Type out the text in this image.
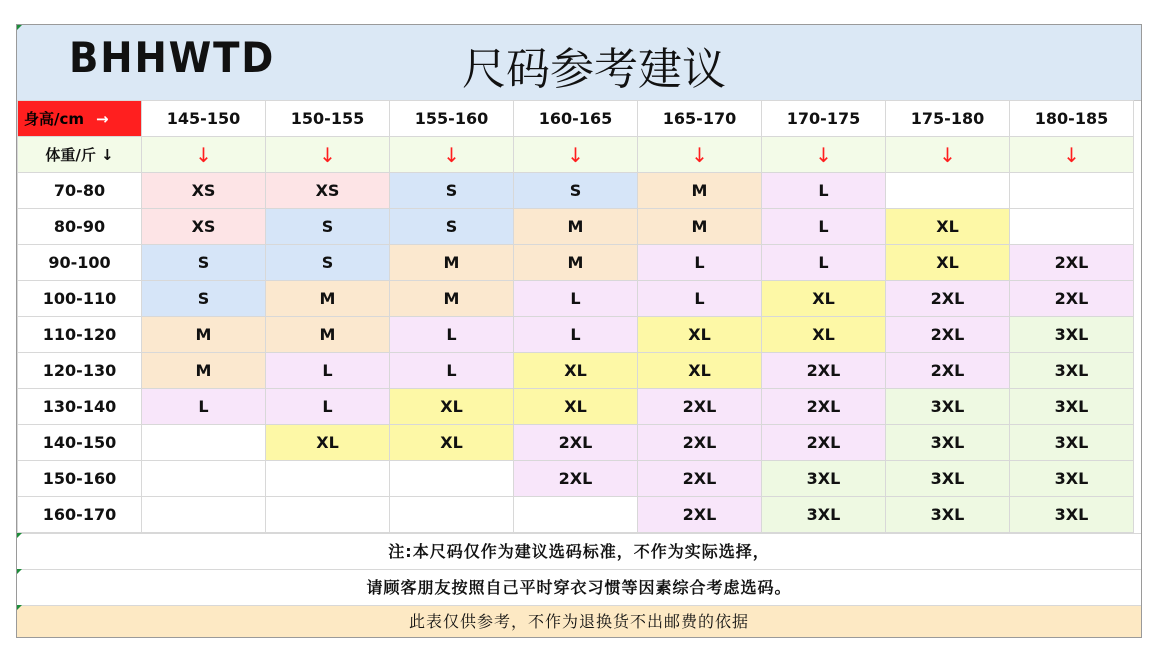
BHHWTD	尺码参考建议
身高/cm →	145-150	150-155	155-160	160-165	165-170	170-175	175-180	180-185
体重/斤 ↓	↓	↓	↓	↓	↓	↓	↓	↓
70-80	XS	XS	S	S	M	L		
80-90	XS	S	S	M	M	L	XL	
90-100	S	S	M	M	L	L	XL	2XL
100-110	S	M	M	L	L	XL	2XL	2XL
110-120	M	M	L	L	XL	XL	2XL	3XL
120-130	M	L	L	XL	XL	2XL	2XL	3XL
130-140	L	L	XL	XL	2XL	2XL	3XL	3XL
140-150		XL	XL	2XL	2XL	2XL	3XL	3XL
150-160				2XL	2XL	3XL	3XL	3XL
160-170					2XL	3XL	3XL	3XL
注:本尺码仅作为建议选码标准，不作为实际选择，
请顾客朋友按照自己平时穿衣习惯等因素综合考虑选码。
此表仅供参考，不作为退换货不出邮费的依据
